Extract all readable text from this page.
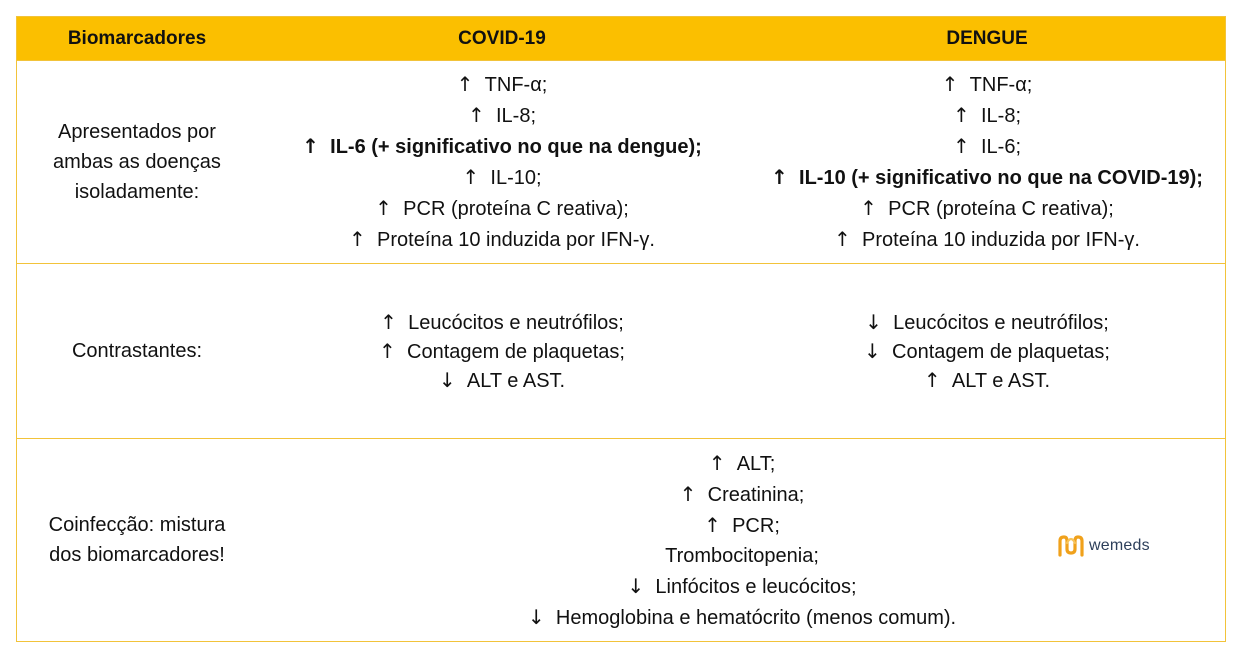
Biomarcadores	COVID-19	DENGUE
Apresentados por
ambas as doenças
isoladamente:
↑ TNF-α;
↑ IL-8;
↑ IL-6 (+ significativo no que na dengue);
↑ IL-10;
↑ PCR (proteína C reativa);
↑ Proteína 10 induzida por IFN-γ.
↑ TNF-α;
↑ IL-8;
↑ IL-6;
↑ IL-10 (+ significativo no que na COVID-19);
↑ PCR (proteína C reativa);
↑ Proteína 10 induzida por IFN-γ.
Contrastantes:
↑ Leucócitos e neutrófilos;
↑ Contagem de plaquetas;
↓ ALT e AST.
↓ Leucócitos e neutrófilos;
↓ Contagem de plaquetas;
↑ ALT e AST.
Coinfecção: mistura
dos biomarcadores!
↑ ALT;
↑ Creatinina;
↑ PCR;
Trombocitopenia;
↓ Linfócitos e leucócitos;
↓ Hemoglobina e hematócrito (menos comum).
wemeds
